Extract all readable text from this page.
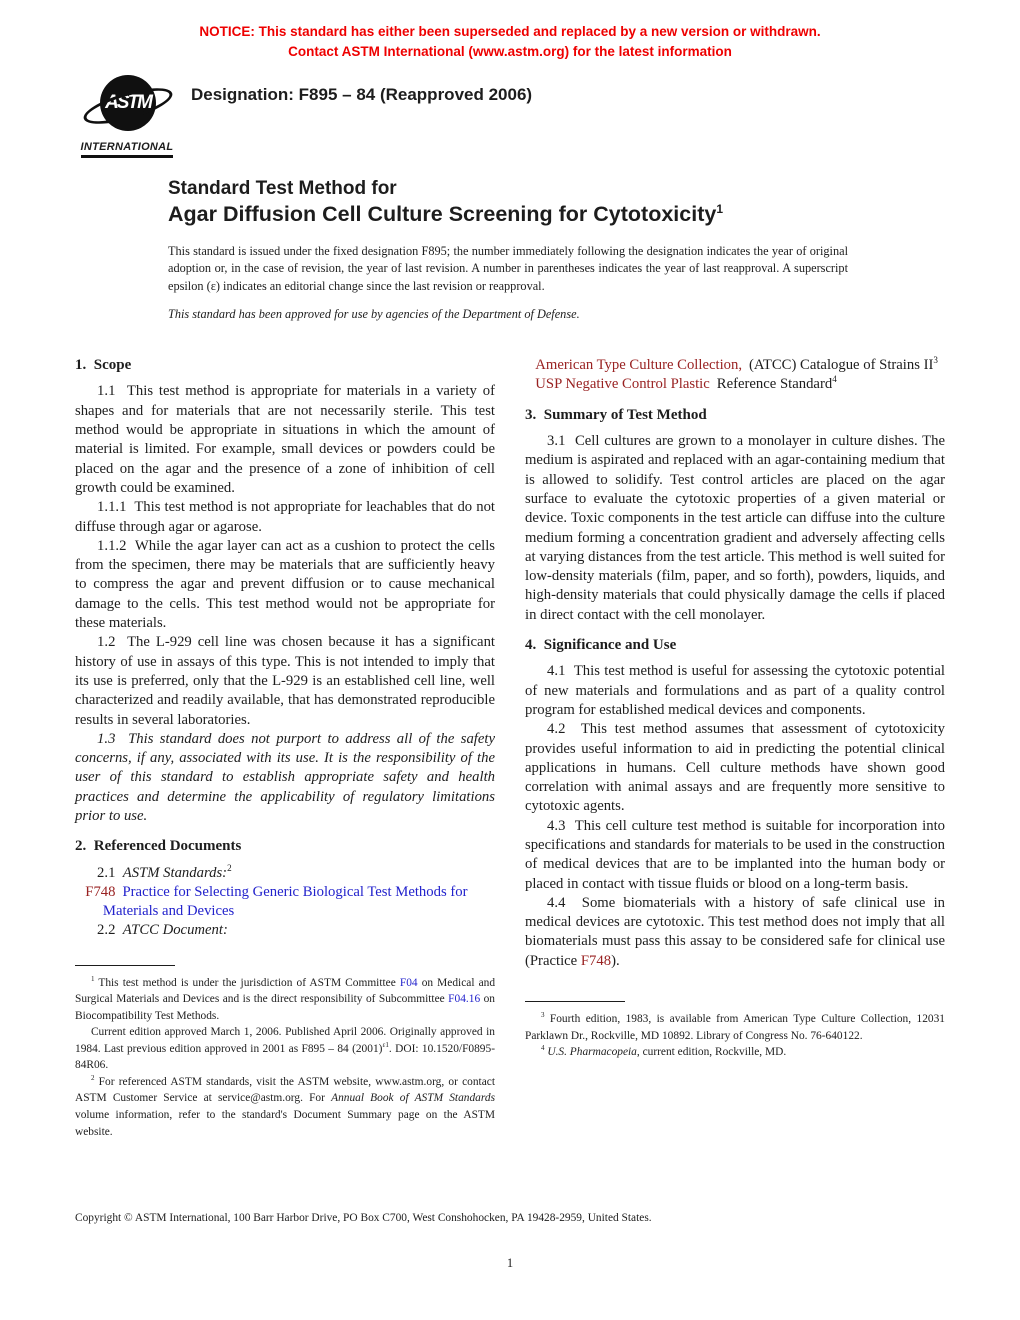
NOTICE: This standard has either been superseded and replaced by a new version or withdrawn.
Contact ASTM International (www.astm.org) for the latest information
ASTM
INTERNATIONAL
Designation: F895 – 84 (Reapproved 2006)
Standard Test Method for
Agar Diffusion Cell Culture Screening for Cytotoxicity$^1$

This standard is issued under the fixed designation F895; the number immediately following the designation indicates the year of original adoption or, in the case of revision, the year of last revision. A number in parentheses indicates the year of last reapproval. A superscript epsilon (ε) indicates an editorial change since the last revision or reapproval.

This standard has been approved for use by agencies of the Department of Defense.

1.  Scope

1.1  This test method is appropriate for materials in a variety of shapes and for materials that are not necessarily sterile. This test method would be appropriate in situations in which the amount of material is limited. For example, small devices or powders could be placed on the agar and the presence of a zone of inhibition of cell growth could be examined.

1.1.1  This test method is not appropriate for leachables that do not diffuse through agar or agarose.

1.1.2  While the agar layer can act as a cushion to protect the cells from the specimen, there may be materials that are sufficiently heavy to compress the agar and prevent diffusion or to cause mechanical damage to the cells. This test method would not be appropriate for these materials.

1.2  The L-929 cell line was chosen because it has a significant history of use in assays of this type. This is not intended to imply that its use is preferred, only that the L-929 is an established cell line, well characterized and readily available, that has demonstrated reproducible results in several laboratories.

1.3  This standard does not purport to address all of the safety concerns, if any, associated with its use. It is the responsibility of the user of this standard to establish appropriate safety and health practices and determine the applicability of regulatory limitations prior to use.

2.  Referenced Documents

2.1 ASTM Standards:$^2$

F748 Practice for Selecting Generic Biological Test Methods for Materials and Devices

2.2 ATCC Document:

$^1$ This test method is under the jurisdiction of ASTM Committee F04 on Medical and Surgical Materials and Devices and is the direct responsibility of Subcommittee F04.16 on Biocompatibility Test Methods.

Current edition approved March 1, 2006. Published April 2006. Originally approved in 1984. Last previous edition approved in 2001 as F895 – 84 $(2001)^{\varepsilon 1}$. DOI: 10.1520/F0895-84R06.

$^2$ For referenced ASTM standards, visit the ASTM website, www.astm.org, or contact ASTM Customer Service at service@astm.org. For Annual Book of ASTM Standards volume information, refer to the standard's Document Summary page on the ASTM website.

American Type Culture Collection, (ATCC) Catalogue of Strains $II^3$

USP Negative Control Plastic Reference Standard$^4$

3.  Summary of Test Method

3.1  Cell cultures are grown to a monolayer in culture dishes. The medium is aspirated and replaced with an agar-containing medium that is allowed to solidify. Test control articles are placed on the agar surface to evaluate the cytotoxic properties of a given material or device. Toxic components in the test article can diffuse into the culture medium forming a concentration gradient and adversely affecting cells at varying distances from the test article. This method is well suited for low-density materials (film, paper, and so forth), powders, liquids, and high-density materials that could physically damage the cells if placed in direct contact with the cell monolayer.

4.  Significance and Use

4.1  This test method is useful for assessing the cytotoxic potential of new materials and formulations and as part of a quality control program for established medical devices and components.

4.2  This test method assumes that assessment of cytotoxicity provides useful information to aid in predicting the potential clinical applications in humans. Cell culture methods have shown good correlation with animal assays and are frequently more sensitive to cytotoxic agents.

4.3  This cell culture test method is suitable for incorporation into specifications and standards for materials to be used in the construction of medical devices that are to be implanted into the human body or placed in contact with tissue fluids or blood on a long-term basis.

4.4  Some biomaterials with a history of safe clinical use in medical devices are cytotoxic. This test method does not imply that all biomaterials must pass this assay to be considered safe for clinical use (Practice F748).

$^3$ Fourth edition, 1983, is available from American Type Culture Collection, 12031 Parklawn Dr., Rockville, MD 10892. Library of Congress No. 76-640122.

$^4$ U.S. Pharmacopeia, current edition, Rockville, MD.

Copyright © ASTM International, 100 Barr Harbor Drive, PO Box C700, West Conshohocken, PA 19428-2959, United States.
1
